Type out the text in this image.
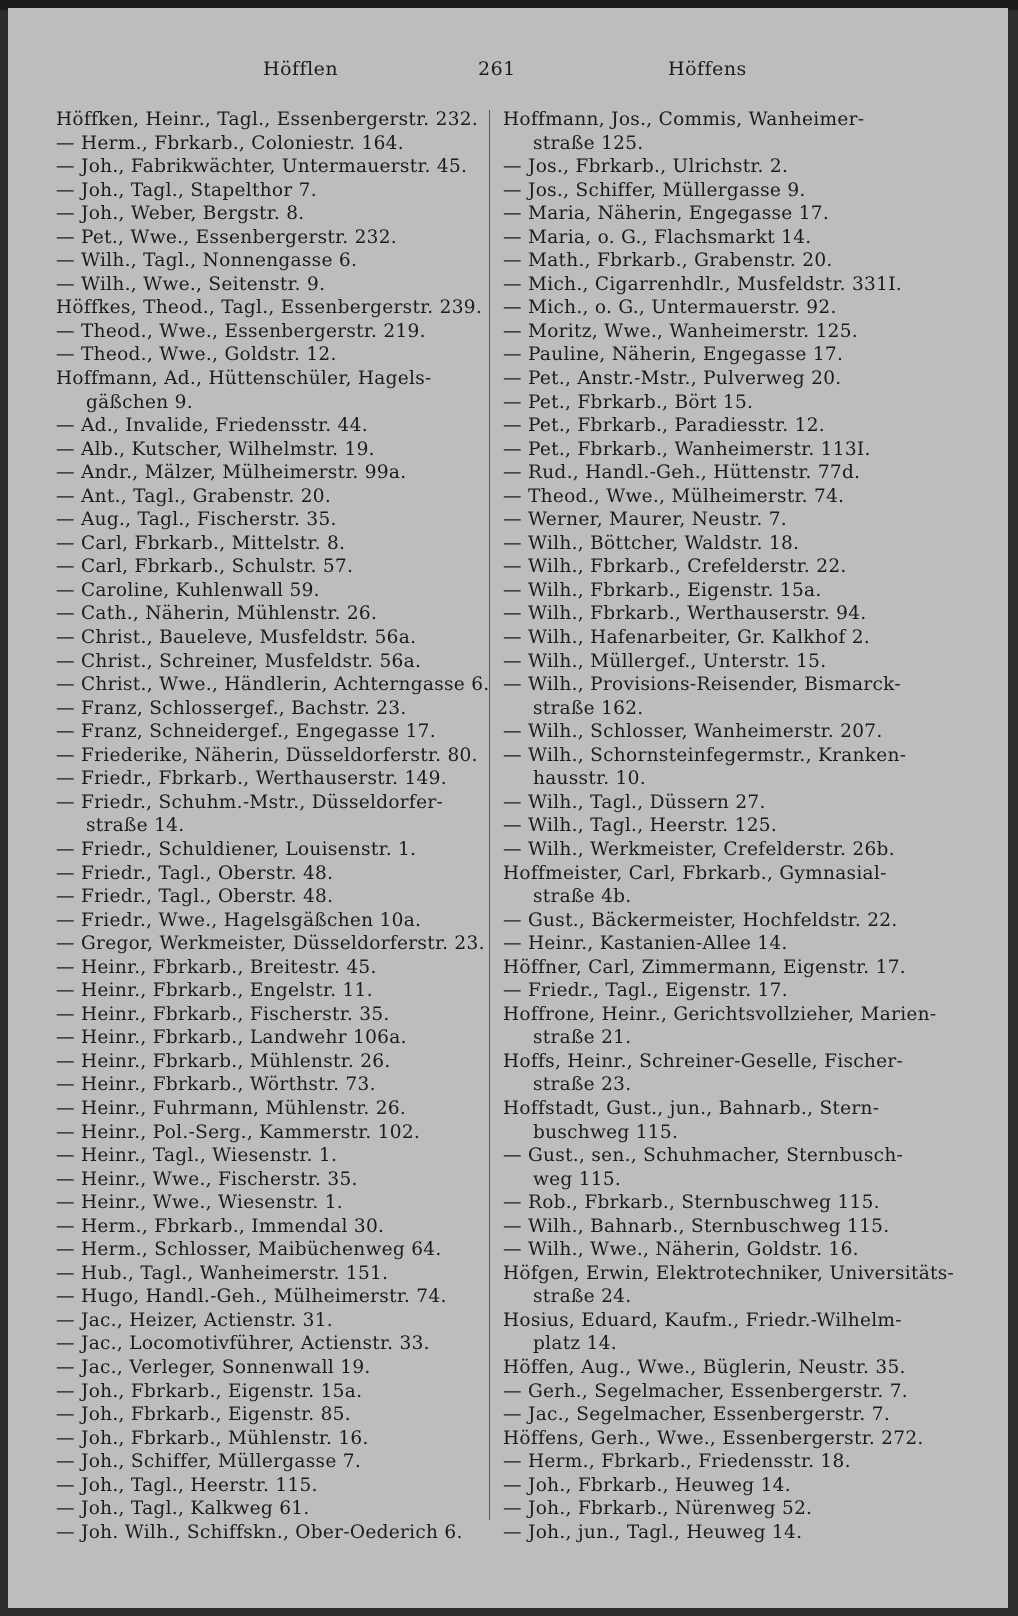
Höfflen	261	Höffens
Höffken, Heinr., Tagl., Essenbergerstr. 232.
— Herm., Fbrkarb., Coloniestr. 164.
— Joh., Fabrikwächter, Untermauerstr. 45.
— Joh., Tagl., Stapelthor 7.
— Joh., Weber, Bergstr. 8.
— Pet., Wwe., Essenbergerstr. 232.
— Wilh., Tagl., Nonnengasse 6.
— Wilh., Wwe., Seitenstr. 9.
Höffkes, Theod., Tagl., Essenbergerstr. 239.
— Theod., Wwe., Essenbergerstr. 219.
— Theod., Wwe., Goldstr. 12.
Hoffmann, Ad., Hüttenschüler, Hagels-
gäßchen 9.
— Ad., Invalide, Friedensstr. 44.
— Alb., Kutscher, Wilhelmstr. 19.
— Andr., Mälzer, Mülheimerstr. 99a.
— Ant., Tagl., Grabenstr. 20.
— Aug., Tagl., Fischerstr. 35.
— Carl, Fbrkarb., Mittelstr. 8.
— Carl, Fbrkarb., Schulstr. 57.
— Caroline, Kuhlenwall 59.
— Cath., Näherin, Mühlenstr. 26.
— Christ., Baueleve, Musfeldstr. 56a.
— Christ., Schreiner, Musfeldstr. 56a.
— Christ., Wwe., Händlerin, Achterngasse 6.
— Franz, Schlossergef., Bachstr. 23.
— Franz, Schneidergef., Engegasse 17.
— Friederike, Näherin, Düsseldorferstr. 80.
— Friedr., Fbrkarb., Werthauserstr. 149.
— Friedr., Schuhm.-Mstr., Düsseldorfer-
straße 14.
— Friedr., Schuldiener, Louisenstr. 1.
— Friedr., Tagl., Oberstr. 48.
— Friedr., Tagl., Oberstr. 48.
— Friedr., Wwe., Hagelsgäßchen 10a.
— Gregor, Werkmeister, Düsseldorferstr. 23.
— Heinr., Fbrkarb., Breitestr. 45.
— Heinr., Fbrkarb., Engelstr. 11.
— Heinr., Fbrkarb., Fischerstr. 35.
— Heinr., Fbrkarb., Landwehr 106a.
— Heinr., Fbrkarb., Mühlenstr. 26.
— Heinr., Fbrkarb., Wörthstr. 73.
— Heinr., Fuhrmann, Mühlenstr. 26.
— Heinr., Pol.-Serg., Kammerstr. 102.
— Heinr., Tagl., Wiesenstr. 1.
— Heinr., Wwe., Fischerstr. 35.
— Heinr., Wwe., Wiesenstr. 1.
— Herm., Fbrkarb., Immendal 30.
— Herm., Schlosser, Maibüchenweg 64.
— Hub., Tagl., Wanheimerstr. 151.
— Hugo, Handl.-Geh., Mülheimerstr. 74.
— Jac., Heizer, Actienstr. 31.
— Jac., Locomotivführer, Actienstr. 33.
— Jac., Verleger, Sonnenwall 19.
— Joh., Fbrkarb., Eigenstr. 15a.
— Joh., Fbrkarb., Eigenstr. 85.
— Joh., Fbrkarb., Mühlenstr. 16.
— Joh., Schiffer, Müllergasse 7.
— Joh., Tagl., Heerstr. 115.
— Joh., Tagl., Kalkweg 61.
— Joh. Wilh., Schiffskn., Ober-Oederich 6.
Hoffmann, Jos., Commis, Wanheimer-
straße 125.
— Jos., Fbrkarb., Ulrichstr. 2.
— Jos., Schiffer, Müllergasse 9.
— Maria, Näherin, Engegasse 17.
— Maria, o. G., Flachsmarkt 14.
— Math., Fbrkarb., Grabenstr. 20.
— Mich., Cigarrenhdlr., Musfeldstr. 331I.
— Mich., o. G., Untermauerstr. 92.
— Moritz, Wwe., Wanheimerstr. 125.
— Pauline, Näherin, Engegasse 17.
— Pet., Anstr.-Mstr., Pulverweg 20.
— Pet., Fbrkarb., Bört 15.
— Pet., Fbrkarb., Paradiesstr. 12.
— Pet., Fbrkarb., Wanheimerstr. 113I.
— Rud., Handl.-Geh., Hüttenstr. 77d.
— Theod., Wwe., Mülheimerstr. 74.
— Werner, Maurer, Neustr. 7.
— Wilh., Böttcher, Waldstr. 18.
— Wilh., Fbrkarb., Crefelderstr. 22.
— Wilh., Fbrkarb., Eigenstr. 15a.
— Wilh., Fbrkarb., Werthauserstr. 94.
— Wilh., Hafenarbeiter, Gr. Kalkhof 2.
— Wilh., Müllergef., Unterstr. 15.
— Wilh., Provisions-Reisender, Bismarck-
straße 162.
— Wilh., Schlosser, Wanheimerstr. 207.
— Wilh., Schornsteinfegermstr., Kranken-
hausstr. 10.
— Wilh., Tagl., Düssern 27.
— Wilh., Tagl., Heerstr. 125.
— Wilh., Werkmeister, Crefelderstr. 26b.
Hoffmeister, Carl, Fbrkarb., Gymnasial-
straße 4b.
— Gust., Bäckermeister, Hochfeldstr. 22.
— Heinr., Kastanien-Allee 14.
Höffner, Carl, Zimmermann, Eigenstr. 17.
— Friedr., Tagl., Eigenstr. 17.
Hoffrone, Heinr., Gerichtsvollzieher, Marien-
straße 21.
Hoffs, Heinr., Schreiner-Geselle, Fischer-
straße 23.
Hoffstadt, Gust., jun., Bahnarb., Stern-
buschweg 115.
— Gust., sen., Schuhmacher, Sternbusch-
weg 115.
— Rob., Fbrkarb., Sternbuschweg 115.
— Wilh., Bahnarb., Sternbuschweg 115.
— Wilh., Wwe., Näherin, Goldstr. 16.
Höfgen, Erwin, Elektrotechniker, Universitäts-
straße 24.
Hosius, Eduard, Kaufm., Friedr.-Wilhelm-
platz 14.
Höffen, Aug., Wwe., Büglerin, Neustr. 35.
— Gerh., Segelmacher, Essenbergerstr. 7.
— Jac., Segelmacher, Essenbergerstr. 7.
Höffens, Gerh., Wwe., Essenbergerstr. 272.
— Herm., Fbrkarb., Friedensstr. 18.
— Joh., Fbrkarb., Heuweg 14.
— Joh., Fbrkarb., Nürenweg 52.
— Joh., jun., Tagl., Heuweg 14.
